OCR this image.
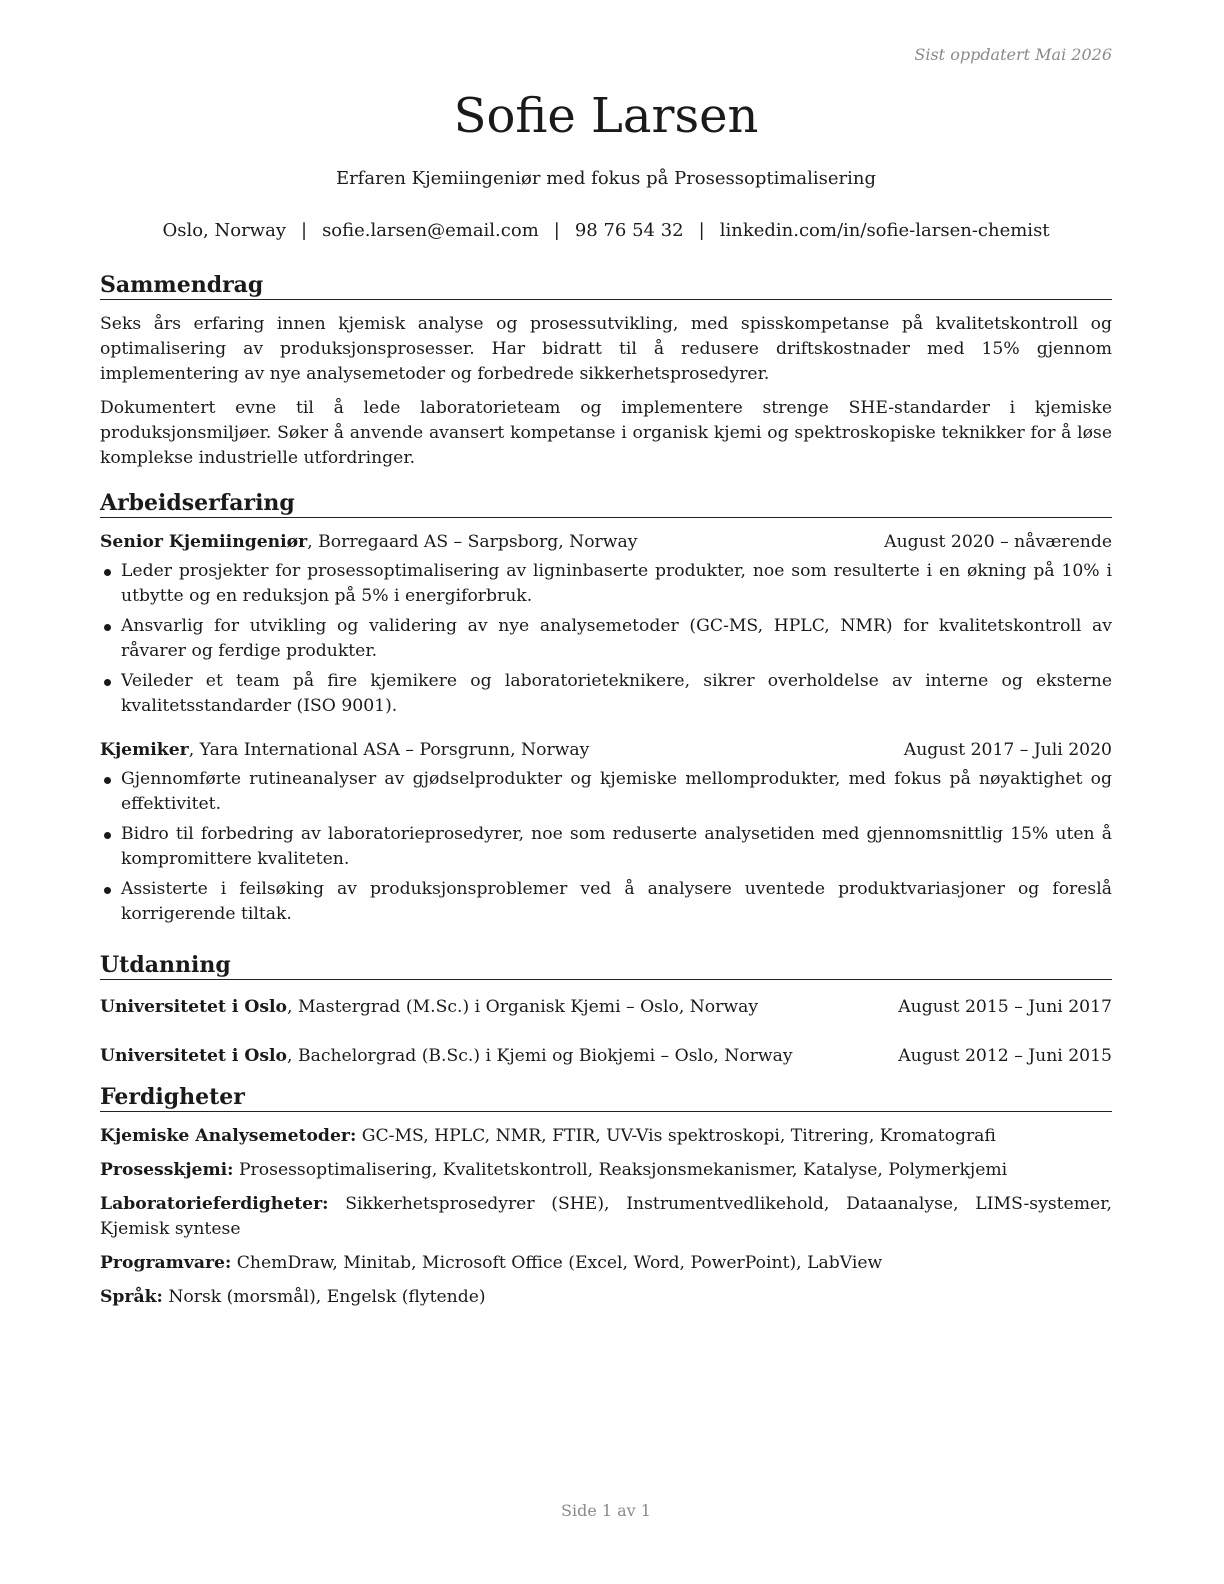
Sist oppdatert Mai 2026
Sofie Larsen
Erfaren Kjemiingeniør med fokus på Prosessoptimalisering
Oslo, Norway | sofie.larsen@email.com | 98 76 54 32 | linkedin.com/in/sofie-larsen-chemist
Sammendrag

Seks års erfaring innen kjemisk analyse og prosessutvikling, med spisskompetanse på kvalitetskontroll og optimalisering av produksjonsprosesser. Har bidratt til å redusere driftskostnader med 15% gjennom implementering av nye analysemetoder og forbedrede sikkerhetsprosedyrer.

Dokumentert evne til å lede laboratorieteam og implementere strenge SHE-standarder i kjemiske produksjonsmiljøer. Søker å anvende avansert kompetanse i organisk kjemi og spektroskopiske teknikker for å løse komplekse industrielle utfordringer.

Arbeidserfaring
Senior Kjemiingeniør, Borregaard AS – Sarpsborg, Norway	August 2020 – nåværende
Leder prosjekter for prosessoptimalisering av ligninbaserte produkter, noe som resulterte i en økning på 10% i utbytte og en reduksjon på 5% i energiforbruk.
Ansvarlig for utvikling og validering av nye analysemetoder (GC-MS, HPLC, NMR) for kvalitetskontroll av råvarer og ferdige produkter.
Veileder et team på fire kjemikere og laboratorieteknikere, sikrer overholdelse av interne og eksterne kvalitetsstandarder (ISO 9001).
Kjemiker, Yara International ASA – Porsgrunn, Norway	August 2017 – Juli 2020
Gjennomførte rutineanalyser av gjødselprodukter og kjemiske mellomprodukter, med fokus på nøyaktighet og effektivitet.
Bidro til forbedring av laboratorieprosedyrer, noe som reduserte analysetiden med gjennomsnittlig 15% uten å kompromittere kvaliteten.
Assisterte i feilsøking av produksjonsproblemer ved å analysere uventede produktvariasjoner og foreslå korrigerende tiltak.
Utdanning
Universitetet i Oslo, Mastergrad (M.Sc.) i Organisk Kjemi – Oslo, Norway	August 2015 – Juni 2017
Universitetet i Oslo, Bachelorgrad (B.Sc.) i Kjemi og Biokjemi – Oslo, Norway	August 2012 – Juni 2015
Ferdigheter
Kjemiske Analysemetoder: GC-MS, HPLC, NMR, FTIR, UV-Vis spektroskopi, Titrering, Kromatografi
Prosesskjemi: Prosessoptimalisering, Kvalitetskontroll, Reaksjonsmekanismer, Katalyse, Polymerkjemi
Laboratorieferdigheter: Sikkerhetsprosedyrer (SHE), Instrumentvedlikehold, Dataanalyse, LIMS-systemer, Kjemisk syntese
Programvare: ChemDraw, Minitab, Microsoft Office (Excel, Word, PowerPoint), LabView
Språk: Norsk (morsmål), Engelsk (flytende)
Side 1 av 1
